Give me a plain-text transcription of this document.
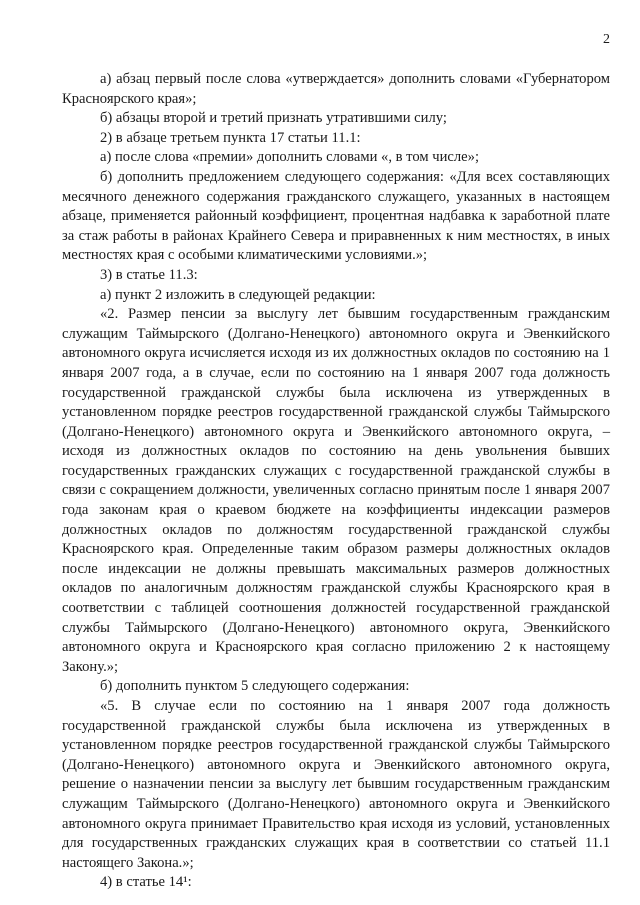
2

а) абзац первый после слова «утверждается» дополнить словами «Губернатором Красноярского края»;

б) абзацы второй и третий признать утратившими силу;

2) в абзаце третьем пункта 17 статьи 11.1:

а) после слова «премии» дополнить словами «, в том числе»;

б) дополнить предложением следующего содержания: «Для всех составляющих месячного денежного содержания гражданского служащего, указанных в настоящем абзаце, применяется районный коэффициент, процентная надбавка к заработной плате за стаж работы в районах Крайнего Севера и приравненных к ним местностях, в иных местностях края с особыми климатическими условиями.»;

3) в статье 11.3:

а) пункт 2 изложить в следующей редакции:

«2. Размер пенсии за выслугу лет бывшим государственным гражданским служащим Таймырского (Долгано-Ненецкого) автономного округа и Эвенкийского автономного округа исчисляется исходя из их должностных окладов по состоянию на 1 января 2007 года, а в случае, если по состоянию на 1 января 2007 года должность государственной гражданской службы была исключена из утвержденных в установленном порядке реестров государственной гражданской службы Таймырского (Долгано-Ненецкого) автономного округа и Эвенкийского автономного округа, – исходя из должностных окладов по состоянию на день увольнения бывших государственных гражданских служащих с государственной гражданской службы в связи с сокращением должности, увеличенных согласно принятым после 1 января 2007 года законам края о краевом бюджете на коэффициенты индексации размеров должностных окладов по должностям государственной гражданской службы Красноярского края. Определенные таким образом размеры должностных окладов после индексации не должны превышать максимальных размеров должностных окладов по аналогичным должностям гражданской службы Красноярского края в соответствии с таблицей соотношения должностей государственной гражданской службы Таймырского (Долгано-Ненецкого) автономного округа, Эвенкийского автономного округа и Красноярского края согласно приложению 2 к настоящему Закону.»;

б) дополнить пунктом 5 следующего содержания:

«5. В случае если по состоянию на 1 января 2007 года должность государственной гражданской службы была исключена из утвержденных в установленном порядке реестров государственной гражданской службы Таймырского (Долгано-Ненецкого) автономного округа и Эвенкийского автономного округа, решение о назначении пенсии за выслугу лет бывшим государственным гражданским служащим Таймырского (Долгано-Ненецкого) автономного округа и Эвенкийского автономного округа принимает Правительство края исходя из условий, установленных для государственных гражданских служащих края в соответствии со статьей 11.1 настоящего Закона.»;

4) в статье 14¹:
